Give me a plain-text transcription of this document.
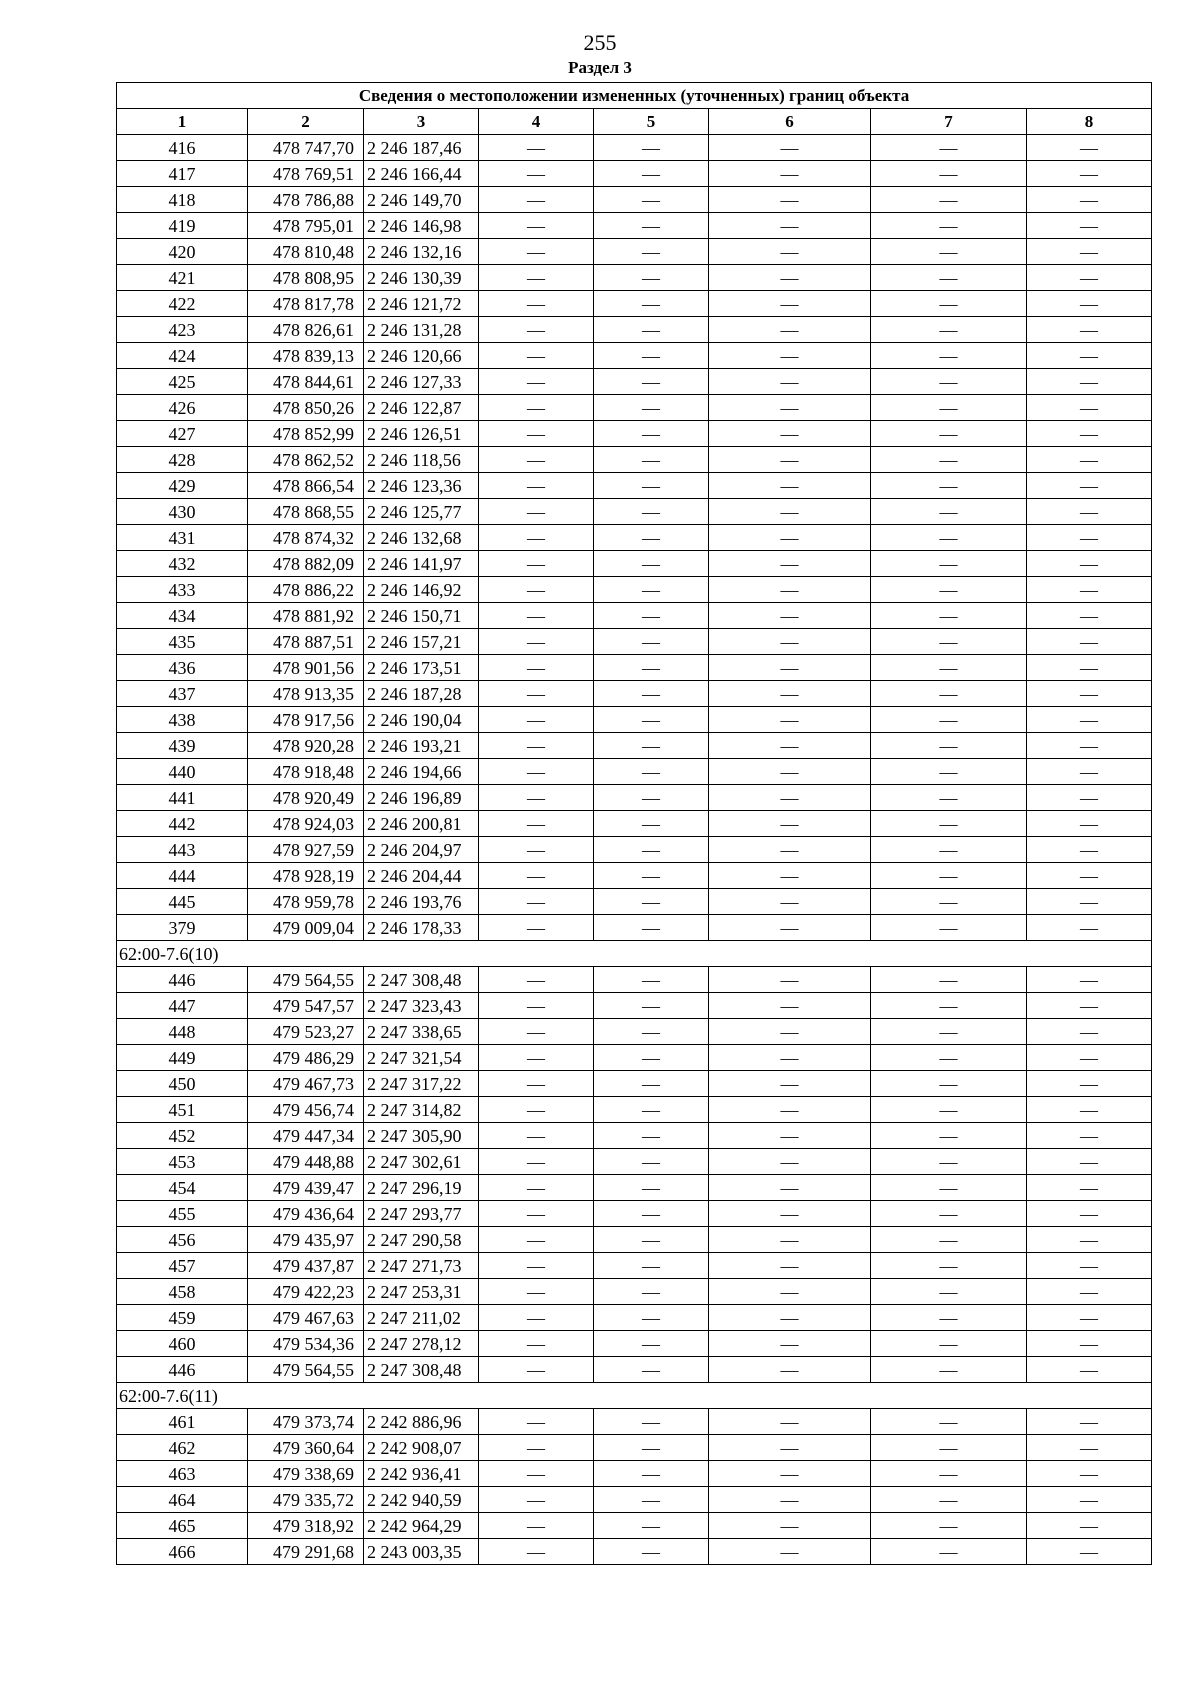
255
Раздел 3
Сведения о местоположении измененных (уточненных) границ объекта							
1	2	3	4	5	6	7	8
416	478 747,70	2 246 187,46	—	—	—	—	—
417	478 769,51	2 246 166,44	—	—	—	—	—
418	478 786,88	2 246 149,70	—	—	—	—	—
419	478 795,01	2 246 146,98	—	—	—	—	—
420	478 810,48	2 246 132,16	—	—	—	—	—
421	478 808,95	2 246 130,39	—	—	—	—	—
422	478 817,78	2 246 121,72	—	—	—	—	—
423	478 826,61	2 246 131,28	—	—	—	—	—
424	478 839,13	2 246 120,66	—	—	—	—	—
425	478 844,61	2 246 127,33	—	—	—	—	—
426	478 850,26	2 246 122,87	—	—	—	—	—
427	478 852,99	2 246 126,51	—	—	—	—	—
428	478 862,52	2 246 118,56	—	—	—	—	—
429	478 866,54	2 246 123,36	—	—	—	—	—
430	478 868,55	2 246 125,77	—	—	—	—	—
431	478 874,32	2 246 132,68	—	—	—	—	—
432	478 882,09	2 246 141,97	—	—	—	—	—
433	478 886,22	2 246 146,92	—	—	—	—	—
434	478 881,92	2 246 150,71	—	—	—	—	—
435	478 887,51	2 246 157,21	—	—	—	—	—
436	478 901,56	2 246 173,51	—	—	—	—	—
437	478 913,35	2 246 187,28	—	—	—	—	—
438	478 917,56	2 246 190,04	—	—	—	—	—
439	478 920,28	2 246 193,21	—	—	—	—	—
440	478 918,48	2 246 194,66	—	—	—	—	—
441	478 920,49	2 246 196,89	—	—	—	—	—
442	478 924,03	2 246 200,81	—	—	—	—	—
443	478 927,59	2 246 204,97	—	—	—	—	—
444	478 928,19	2 246 204,44	—	—	—	—	—
445	478 959,78	2 246 193,76	—	—	—	—	—
379	479 009,04	2 246 178,33	—	—	—	—	—
62:00-7.6(10)							
446	479 564,55	2 247 308,48	—	—	—	—	—
447	479 547,57	2 247 323,43	—	—	—	—	—
448	479 523,27	2 247 338,65	—	—	—	—	—
449	479 486,29	2 247 321,54	—	—	—	—	—
450	479 467,73	2 247 317,22	—	—	—	—	—
451	479 456,74	2 247 314,82	—	—	—	—	—
452	479 447,34	2 247 305,90	—	—	—	—	—
453	479 448,88	2 247 302,61	—	—	—	—	—
454	479 439,47	2 247 296,19	—	—	—	—	—
455	479 436,64	2 247 293,77	—	—	—	—	—
456	479 435,97	2 247 290,58	—	—	—	—	—
457	479 437,87	2 247 271,73	—	—	—	—	—
458	479 422,23	2 247 253,31	—	—	—	—	—
459	479 467,63	2 247 211,02	—	—	—	—	—
460	479 534,36	2 247 278,12	—	—	—	—	—
446	479 564,55	2 247 308,48	—	—	—	—	—
62:00-7.6(11)							
461	479 373,74	2 242 886,96	—	—	—	—	—
462	479 360,64	2 242 908,07	—	—	—	—	—
463	479 338,69	2 242 936,41	—	—	—	—	—
464	479 335,72	2 242 940,59	—	—	—	—	—
465	479 318,92	2 242 964,29	—	—	—	—	—
466	479 291,68	2 243 003,35	—	—	—	—	—
